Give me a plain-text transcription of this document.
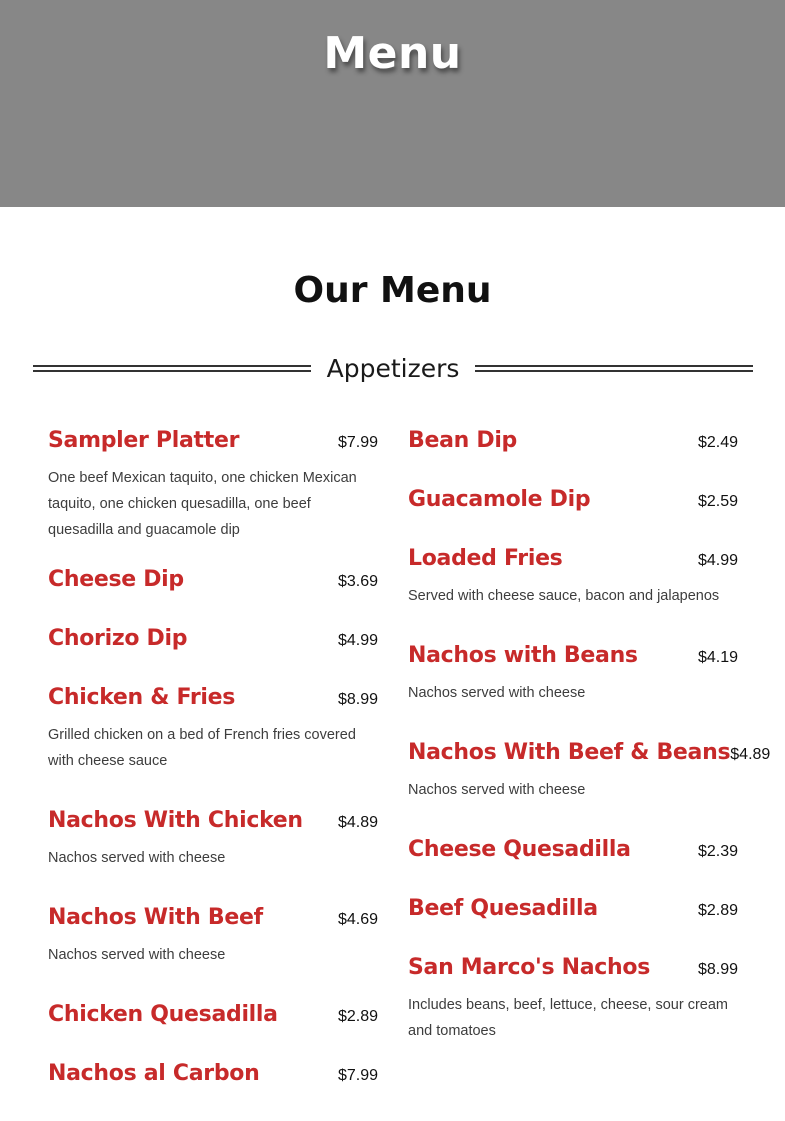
Menu
Our Menu
Appetizers
Sampler Platter	$7.99
One beef Mexican taquito, one chicken Mexican taquito, one chicken quesadilla, one beef quesadilla and guacamole dip
Cheese Dip	$3.69
Chorizo Dip	$4.99
Chicken & Fries	$8.99
Grilled chicken on a bed of French fries covered with cheese sauce
Nachos With Chicken $4.89
Nachos served with cheese
Nachos With Beef	$4.69
Nachos served with cheese
Chicken Quesadilla	$2.89
Nachos al Carbon	$7.99
Bean Dip	$2.49
Guacamole Dip	$2.59
Loaded Fries	$4.99
Served with cheese sauce, bacon and jalapenos
Nachos with Beans	$4.19
Nachos served with cheese
Nachos With Beef & Beans $4.89
Nachos served with cheese
Cheese Quesadilla	$2.39
Beef Quesadilla	$2.89
San Marco's Nachos	$8.99
Includes beans, beef, lettuce, cheese, sour cream and tomatoes
